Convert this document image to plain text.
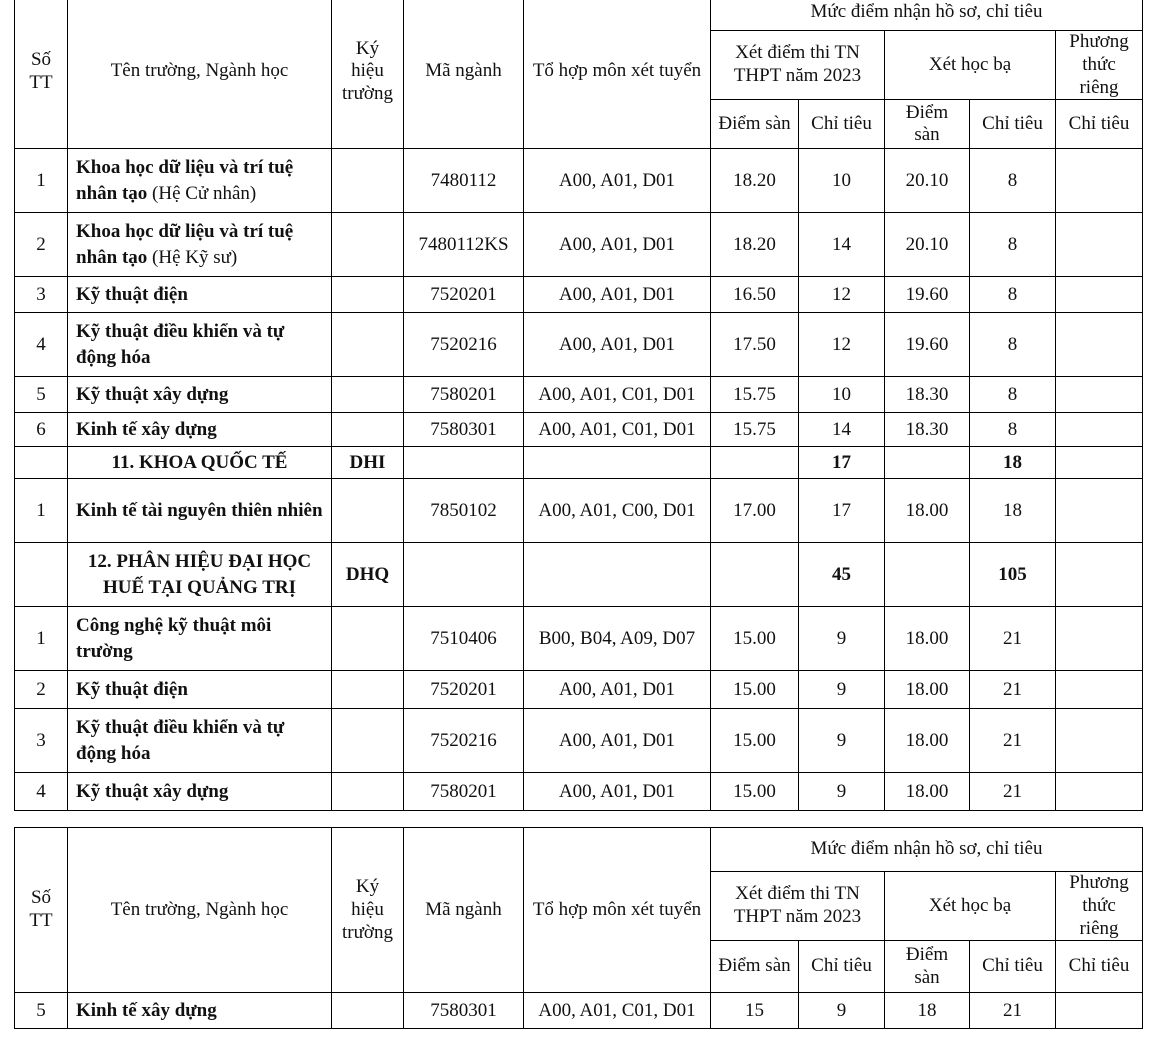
Số TT	Tên trường, Ngành học	Ký hiệu trường	Mã ngành	Tổ hợp môn xét tuyển	Mức điểm nhận hồ sơ, chỉ tiêu				
					Xét điểm thi TN THPT năm 2023		Xét học bạ		Phương thức riêng
					Điểm sàn	Chỉ tiêu	Điểm sàn	Chỉ tiêu	Chỉ tiêu
1	Khoa học dữ liệu và trí tuệ nhân tạo (Hệ Cử nhân)		7480112	A00, A01, D01	18.20	10	20.10	8	
2	Khoa học dữ liệu và trí tuệ nhân tạo (Hệ Kỹ sư)		7480112KS	A00, A01, D01	18.20	14	20.10	8	
3	Kỹ thuật điện		7520201	A00, A01, D01	16.50	12	19.60	8	
4	Kỹ thuật điều khiển và tự động hóa		7520216	A00, A01, D01	17.50	12	19.60	8	
5	Kỹ thuật xây dựng		7580201	A00, A01, C01, D01	15.75	10	18.30	8	
6	Kinh tế xây dựng		7580301	A00, A01, C01, D01	15.75	14	18.30	8	
	11. KHOA QUỐC TẾ	DHI				17		18	
1	Kinh tế tài nguyên thiên nhiên		7850102	A00, A01, C00, D01	17.00	17	18.00	18	
	12. PHÂN HIỆU ĐẠI HỌC HUẾ TẠI QUẢNG TRỊ	DHQ				45		105	
1	Công nghệ kỹ thuật môi trường		7510406	B00, B04, A09, D07	15.00	9	18.00	21	
2	Kỹ thuật điện		7520201	A00, A01, D01	15.00	9	18.00	21	
3	Kỹ thuật điều khiển và tự động hóa		7520216	A00, A01, D01	15.00	9	18.00	21	
4	Kỹ thuật xây dựng		7580201	A00, A01, D01	15.00	9	18.00	21	
Số TT	Tên trường, Ngành học	Ký hiệu trường	Mã ngành	Tổ hợp môn xét tuyển	Mức điểm nhận hồ sơ, chỉ tiêu				
					Xét điểm thi TN THPT năm 2023		Xét học bạ		Phương thức riêng
					Điểm sàn	Chỉ tiêu	Điểm sàn	Chỉ tiêu	Chỉ tiêu
5	Kinh tế xây dựng		7580301	A00, A01, C01, D01	15	9	18	21	
